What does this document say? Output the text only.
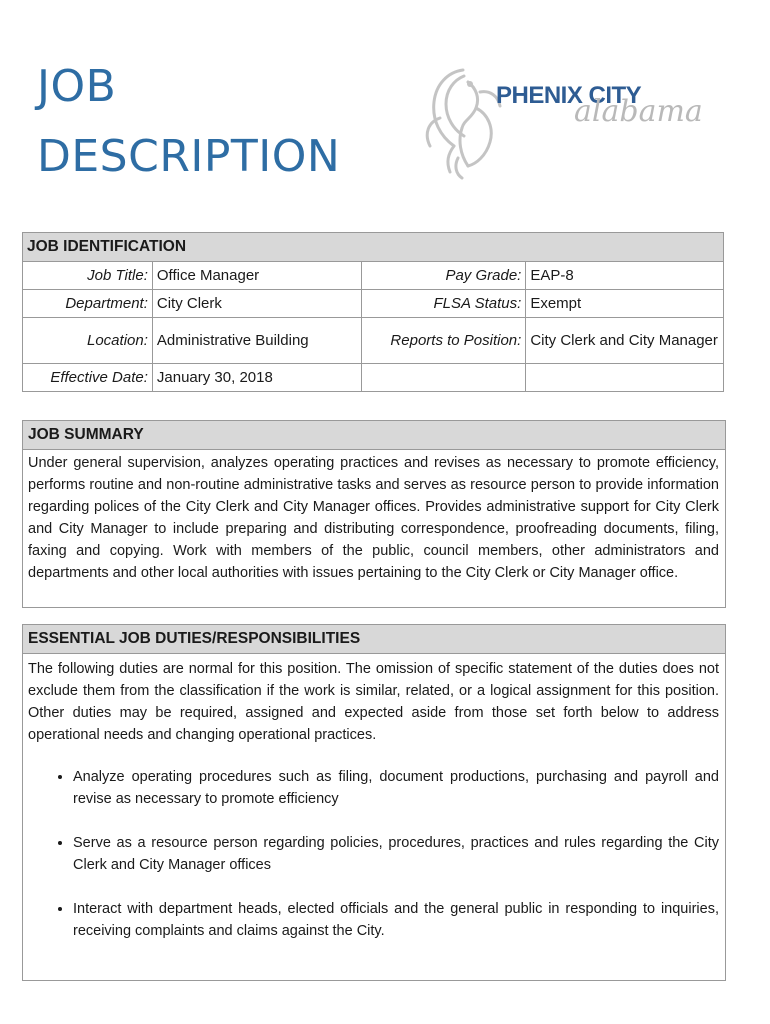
JOB
DESCRIPTION
PHENIX CITY
alabama
JOB IDENTIFICATION			
Job Title:	Office Manager	Pay Grade:	EAP-8
Department:	City Clerk	FLSA Status:	Exempt
Location:	Administrative Building	Reports to Position:	City Clerk and City Manager
Effective Date:	January 30, 2018		
JOB SUMMARY
Under general supervision, analyzes operating practices and revises as necessary to promote efficiency, performs routine and non-routine administrative tasks and serves as resource person to provide information regarding polices of the City Clerk and City Manager offices. Provides administrative support for City Clerk and City Manager to include preparing and distributing correspondence, proofreading documents, filing, faxing and copying. Work with members of the public, council members, other administrators and departments and other local authorities with issues pertaining to the City Clerk or City Manager office.
ESSENTIAL JOB DUTIES/RESPONSIBILITIES
The following duties are normal for this position. The omission of specific statement of the duties does not exclude them from the classification if the work is similar, related, or a logical assignment for this position. Other duties may be required, assigned and expected aside from those set forth below to address operational needs and changing operational practices.
• Analyze operating procedures such as filing, document productions, purchasing and payroll and revise as necessary to promote efficiency
• Serve as a resource person regarding policies, procedures, practices and rules regarding the City Clerk and City Manager offices
• Interact with department heads, elected officials and the general public in responding to inquiries, receiving complaints and claims against the City.
